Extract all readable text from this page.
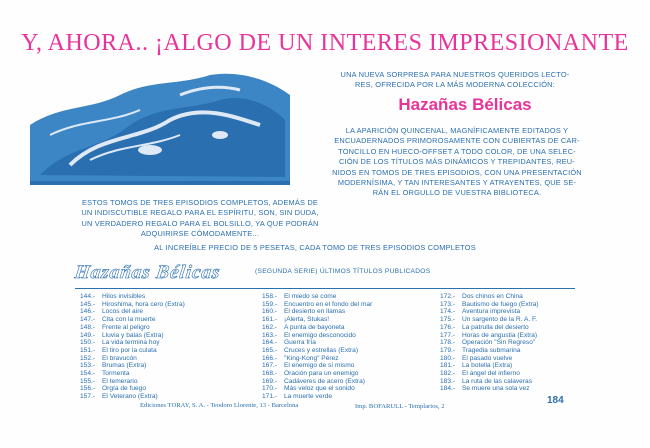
Y, AHORA.. ¡ALGO DE UN INTERES IMPRESIONANTE
UNA NUEVA SORPRESA PARA NUESTROS QUERIDOS LECTO-
RES, OFRECIDA POR LA MÁS MODERNA COLECCIÓN:
Hazañas Bélicas
LA APARICIÓN QUINCENAL, MAGNÍFICAMENTE EDITADOS Y
ENCUADERNADOS PRIMOROSAMENTE CON CUBIERTAS DE CAR-
TONCILLO EN HUECO-OFFSET A TODO COLOR, DE UNA SELEC-
CIÓN DE LOS TÍTULOS MÁS DINÁMICOS Y TREPIDANTES, REU-
NIDOS EN TOMOS DE TRES EPISODIOS, CON UNA PRESENTACIÓN
MODERNÍSIMA, Y TAN INTERESANTES Y ATRAYENTES, QUE SE-
RÁN EL ORGULLO DE VUESTRA BIBLIOTECA.
ESTOS TOMOS DE TRES EPISODIOS COMPLETOS, ADEMÁS DE
UN INDISCUTIBLE REGALO PARA EL ESPÍRITU, SON, SIN DUDA,
UN VERDADERO REGALO PARA EL BOLSILLO, YA QUE PODRÁN
ADQUIRIRSE CÓMODAMENTE...
AL INCREÍBLE PRECIO DE 5 PESETAS, CADA TOMO DE TRES EPISODIOS COMPLETOS
Hazañas Bélicas	(SEGUNDA SERIE) ÚLTIMOS TÍTULOS PUBLICADOS
144.- Hilos invisibles
145.- Hiroshima, hora cero (Extra)
146.- Locos del aire
147.- Cita con la muerte
148.- Frente al peligro
149.- Lluvia y balas (Extra)
150.- La vida termina hoy
151.- El tiro por la culata
152.- El bravucón
153.- Brumas (Extra)
154.- Tormenta
155.- El temerario
156.- Orgía de fuego
157.- El Veterano (Extra)
158.- El miedo se come
159.- Encuentro en el fondo del mar
160.- El desierto en llamas
161.- ¡Alerta, Stukas!
162.- A punta de bayoneta
163.- El enemigo desconocido
164.- Guerra fría
165.- Cruces y estrellas (Extra)
166.- "King-Kong" Pérez
167.- El enemigo de sí mismo
168.- Oración para un enemigo
169.- Cadáveres de acero (Extra)
170.- Más veloz que el sonido
171.- La muerte verde
172.- Dos chinos en China
173.- Bautismo de fuego (Extra)
174.- Aventura imprevista
175.- Un sargento de la R. A. F.
176.- La patrulla del desierto
177.- Horas de angustia (Extra)
178.- Operación "Sin Regreso"
179.- Tragedia submarina
180.- El pasado vuelve
181.- La botella (Extra)
182.- El ángel del infierno
183.- La ruta de las calaveras
184.- Se muere una sola vez
Ediciones TORAY, S. A. - Teodoro Llorente, 13 - Barcelona	Imp. BOFARULL - Templarios, 2
184
